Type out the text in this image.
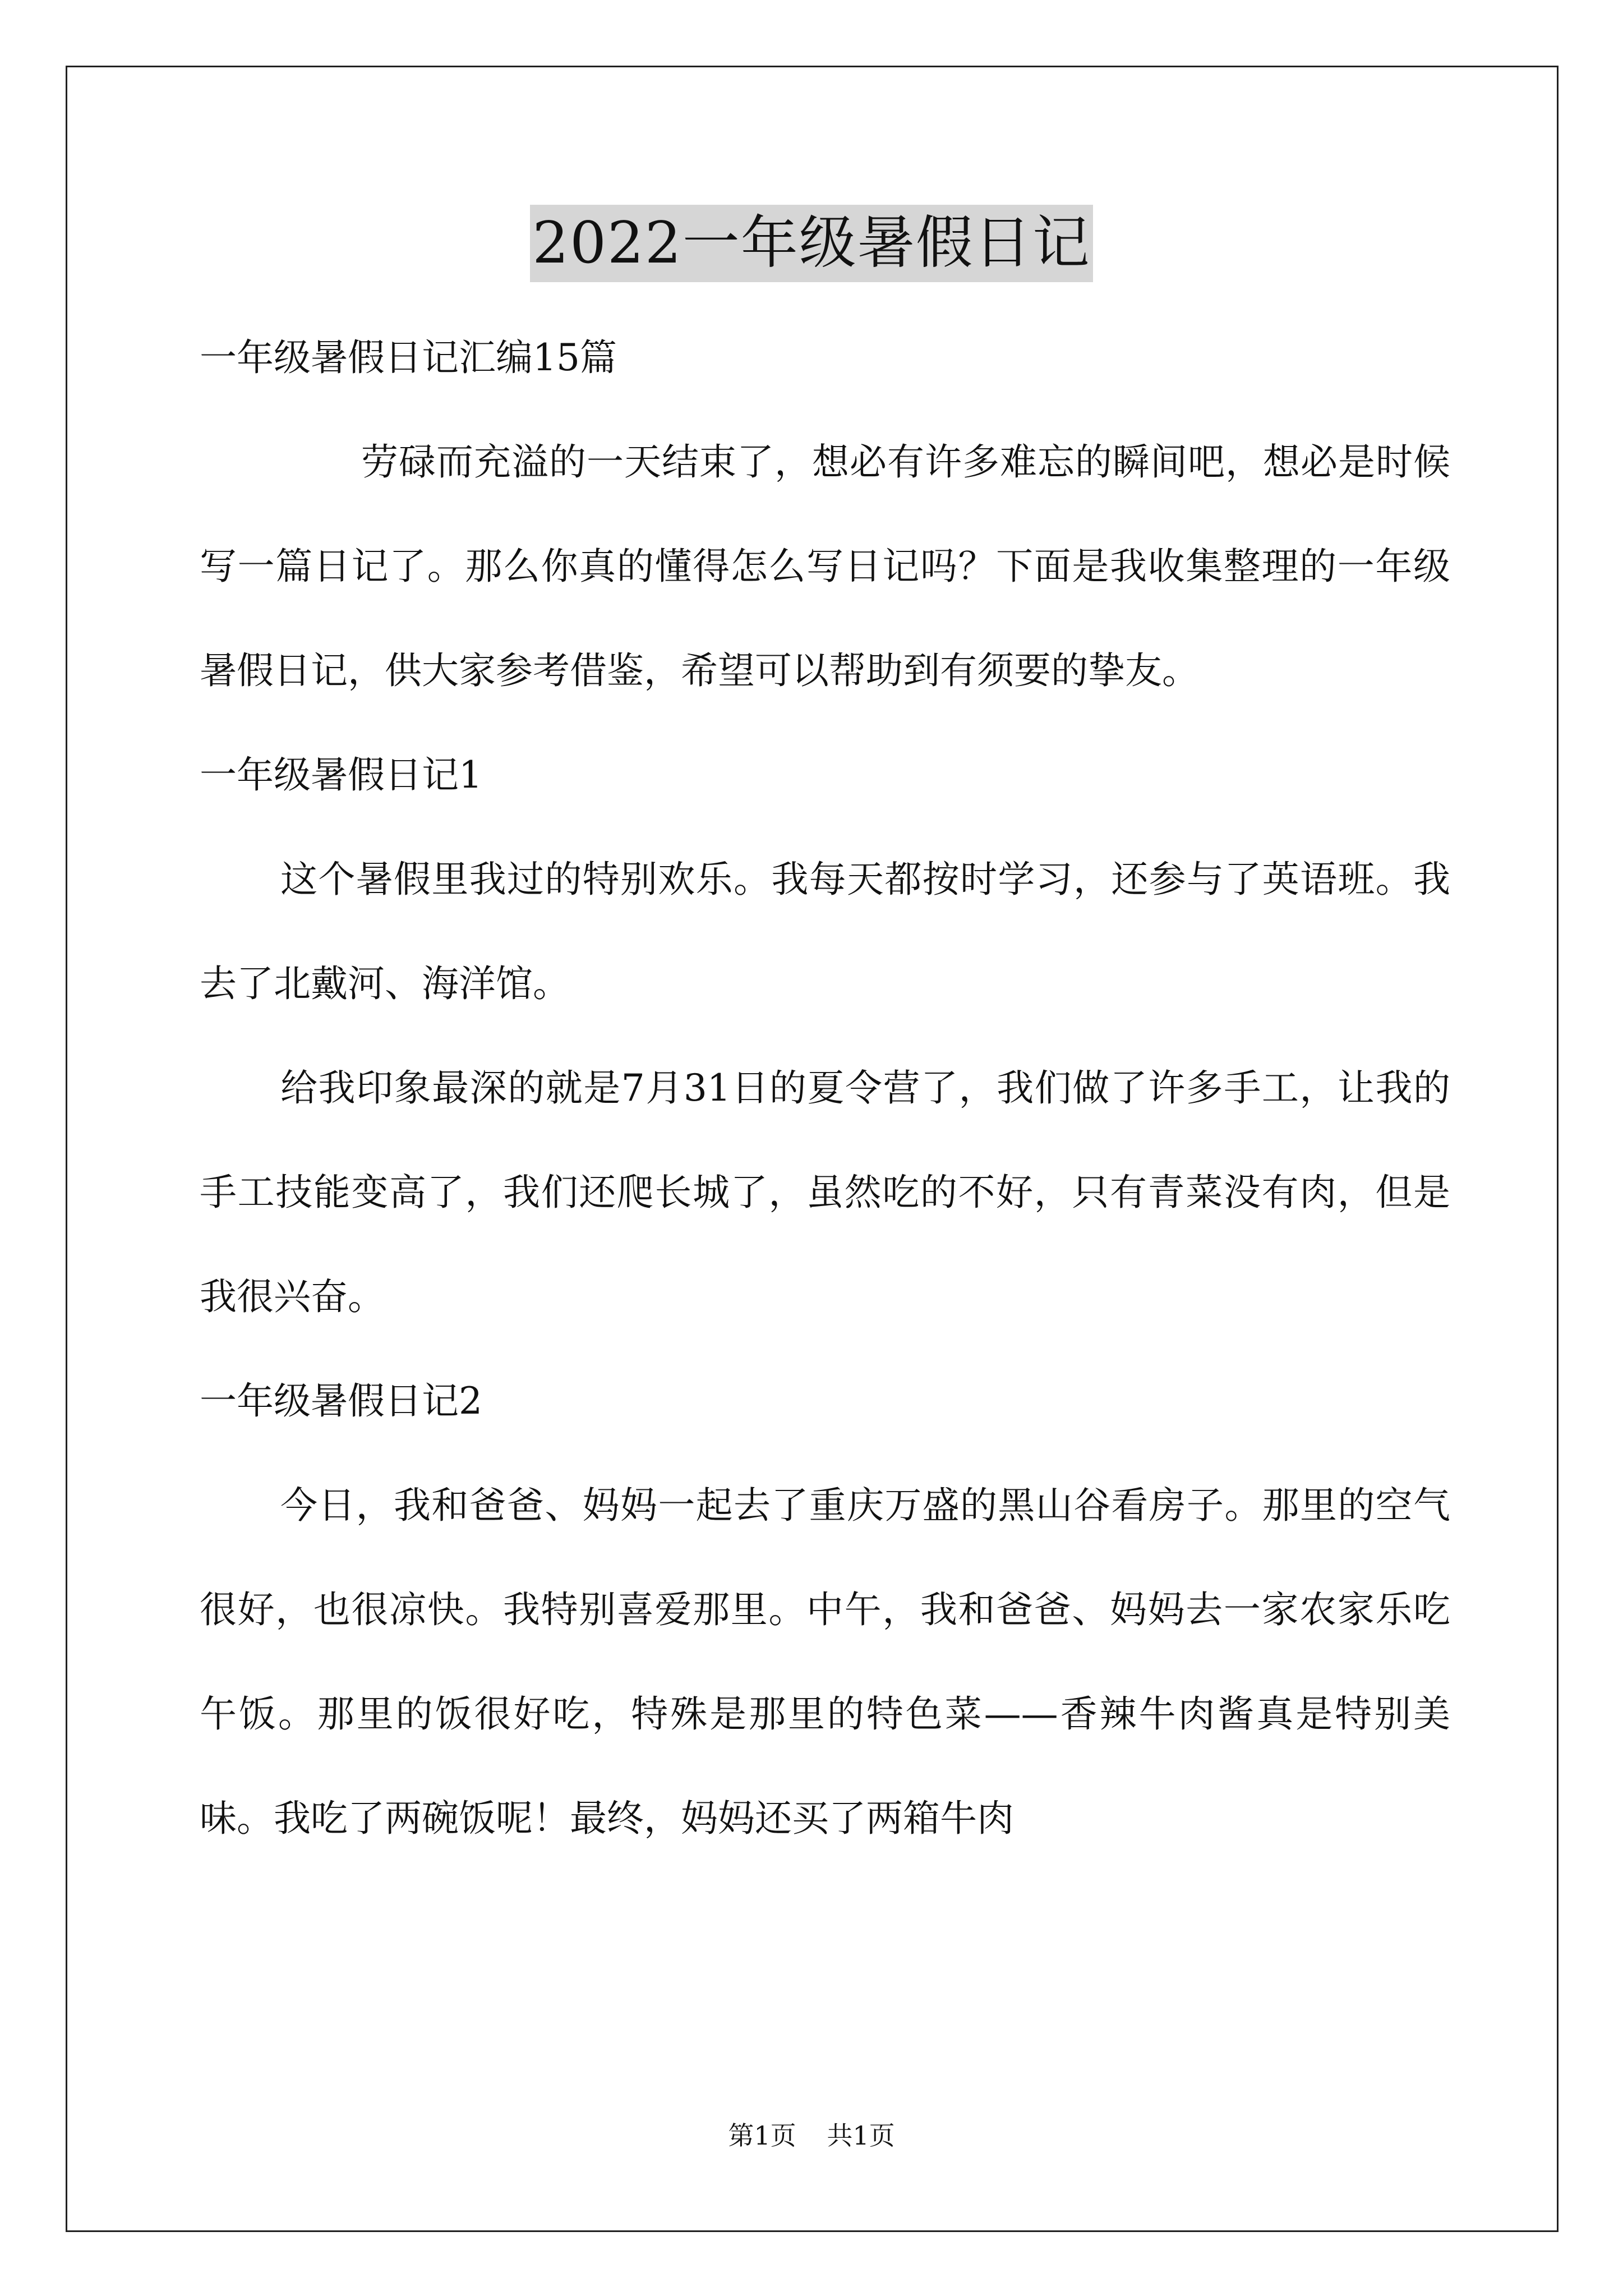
2022一年级暑假日记

一年级暑假日记汇编15篇

劳碌而充溢的一天结束了，想必有许多难忘的瞬间吧，想必是时候写一篇日记了。那么你真的懂得怎么写日记吗？下面是我收集整理的一年级暑假日记，供大家参考借鉴，希望可以帮助到有须要的挚友。

一年级暑假日记1

这个暑假里我过的特别欢乐。我每天都按时学习，还参与了英语班。我去了北戴河、海洋馆。

给我印象最深的就是7月31日的夏令营了，我们做了许多手工，让我的手工技能变高了，我们还爬长城了，虽然吃的不好，只有青菜没有肉，但是我很兴奋。

一年级暑假日记2

今日，我和爸爸、妈妈一起去了重庆万盛的黑山谷看房子。那里的空气很好，也很凉快。我特别喜爱那里。中午，我和爸爸、妈妈去一家农家乐吃午饭。那里的饭很好吃，特殊是那里的特色菜——香辣牛肉酱真是特别美味。我吃了两碗饭呢！最终，妈妈还买了两箱牛肉

第1页 共1页
